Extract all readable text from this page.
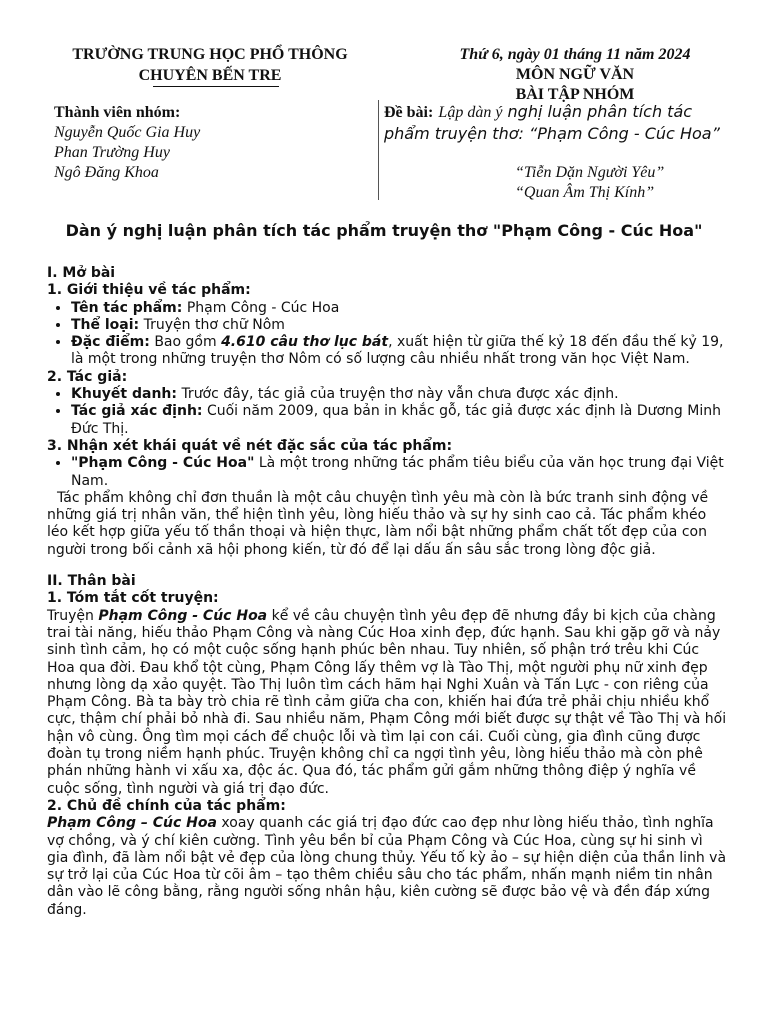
TRƯỜNG TRUNG HỌC PHỔ THÔNG CHUYÊN BẾN TRE
Thứ 6, ngày 01 tháng 11 năm 2024
MÔN NGỮ VĂN
BÀI TẬP NHÓM
Thành viên nhóm:
Nguyễn Quốc Gia Huy
Phan Trường Huy
Ngô Đăng Khoa
Đề bài: Lập dàn ý nghị luận phân tích tác phẩm truyện thơ: “Phạm Công - Cúc Hoa”
“Tiễn Dặn Người Yêu”
“Quan Âm Thị Kính”
Dàn ý nghị luận phân tích tác phẩm truyện thơ "Phạm Công - Cúc Hoa"

I. Mở bài

1. Giới thiệu về tác phẩm:

• Tên tác phẩm: Phạm Công - Cúc Hoa
• Thể loại: Truyện thơ chữ Nôm
• Đặc điểm: Bao gồm 4.610 câu thơ lục bát, xuất hiện từ giữa thế kỷ 18 đến đầu thế kỷ 19, là một trong những truyện thơ Nôm có số lượng câu nhiều nhất trong văn học Việt Nam.

2. Tác giả:

• Khuyết danh: Trước đây, tác giả của truyện thơ này vẫn chưa được xác định.
• Tác giả xác định: Cuối năm 2009, qua bản in khắc gỗ, tác giả được xác định là Dương Minh Đức Thị.

3. Nhận xét khái quát về nét đặc sắc của tác phẩm:

• "Phạm Công - Cúc Hoa" Là một trong những tác phẩm tiêu biểu của văn học trung đại Việt Nam.

Tác phẩm không chỉ đơn thuần là một câu chuyện tình yêu mà còn là bức tranh sinh động về những giá trị nhân văn, thể hiện tình yêu, lòng hiếu thảo và sự hy sinh cao cả. Tác phẩm khéo léo kết hợp giữa yếu tố thần thoại và hiện thực, làm nổi bật những phẩm chất tốt đẹp của con người trong bối cảnh xã hội phong kiến, từ đó để lại dấu ấn sâu sắc trong lòng độc giả.

II. Thân bài

1. Tóm tắt cốt truyện:

Truyện Phạm Công - Cúc Hoa kể về câu chuyện tình yêu đẹp đẽ nhưng đầy bi kịch của chàng trai tài năng, hiếu thảo Phạm Công và nàng Cúc Hoa xinh đẹp, đức hạnh. Sau khi gặp gỡ và nảy sinh tình cảm, họ có một cuộc sống hạnh phúc bên nhau. Tuy nhiên, số phận trớ trêu khi Cúc Hoa qua đời. Đau khổ tột cùng, Phạm Công lấy thêm vợ là Tào Thị, một người phụ nữ xinh đẹp nhưng lòng dạ xảo quyệt. Tào Thị luôn tìm cách hãm hại Nghi Xuân và Tấn Lực - con riêng của Phạm Công. Bà ta bày trò chia rẽ tình cảm giữa cha con, khiến hai đứa trẻ phải chịu nhiều khổ cực, thậm chí phải bỏ nhà đi. Sau nhiều năm, Phạm Công mới biết được sự thật về Tào Thị và hối hận vô cùng. Ông tìm mọi cách để chuộc lỗi và tìm lại con cái. Cuối cùng, gia đình cũng được đoàn tụ trong niềm hạnh phúc. Truyện không chỉ ca ngợi tình yêu, lòng hiếu thảo mà còn phê phán những hành vi xấu xa, độc ác. Qua đó, tác phẩm gửi gắm những thông điệp ý nghĩa về cuộc sống, tình người và giá trị đạo đức.

2. Chủ đề chính của tác phẩm:

Phạm Công – Cúc Hoa xoay quanh các giá trị đạo đức cao đẹp như lòng hiếu thảo, tình nghĩa vợ chồng, và ý chí kiên cường. Tình yêu bền bỉ của Phạm Công và Cúc Hoa, cùng sự hi sinh vì gia đình, đã làm nổi bật vẻ đẹp của lòng chung thủy. Yếu tố kỳ ảo – sự hiện diện của thần linh và sự trở lại của Cúc Hoa từ cõi âm – tạo thêm chiều sâu cho tác phẩm, nhấn mạnh niềm tin nhân dân vào lẽ công bằng, rằng người sống nhân hậu, kiên cường sẽ được bảo vệ và đền đáp xứng đáng.
